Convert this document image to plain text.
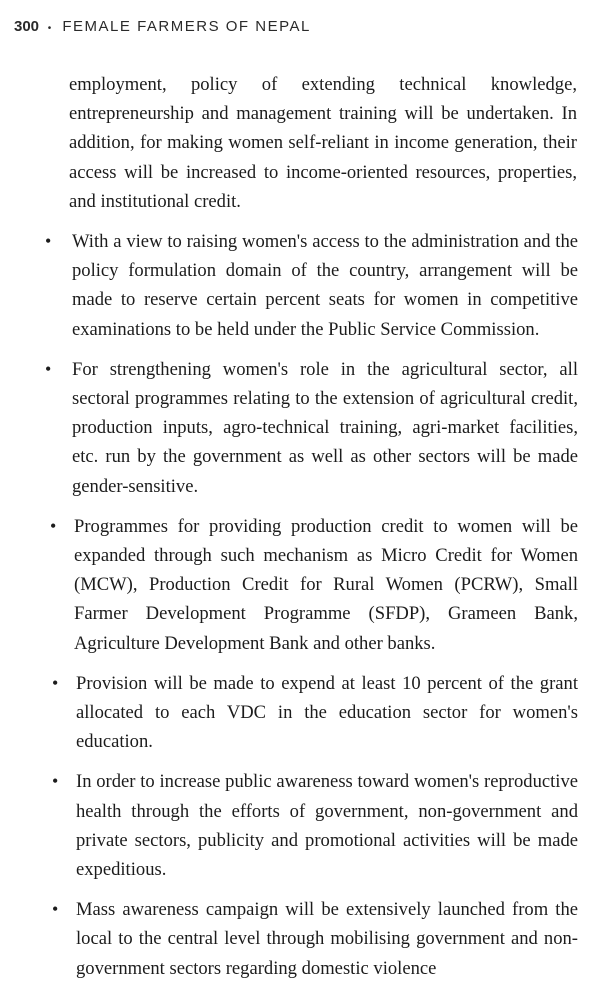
300 • FEMALE FARMERS OF NEPAL

employment, policy of extending technical knowledge, entrepreneurship and management training will be undertaken. In addition, for making women self-reliant in income generation, their access will be increased to income-oriented resources, properties, and institutional credit.

• With a view to raising women's access to the administration and the policy formulation domain of the country, arrangement will be made to reserve certain percent seats for women in competitive examinations to be held under the Public Service Commission.

• For strengthening women's role in the agricultural sector, all sectoral programmes relating to the extension of agricultural credit, production inputs, agro-technical training, agri-market facilities, etc. run by the government as well as other sectors will be made gender-sensitive.

• Programmes for providing production credit to women will be expanded through such mechanism as Micro Credit for Women (MCW), Production Credit for Rural Women (PCRW), Small Farmer Development Programme (SFDP), Grameen Bank, Agriculture Development Bank and other banks.

• Provision will be made to expend at least 10 percent of the grant allocated to each VDC in the education sector for women's education.

• In order to increase public awareness toward women's reproductive health through the efforts of government, non-government and private sectors, publicity and promotional activities will be made expeditious.

• Mass awareness campaign will be extensively launched from the local to the central level through mobilising government and non-government sectors regarding domestic violence
